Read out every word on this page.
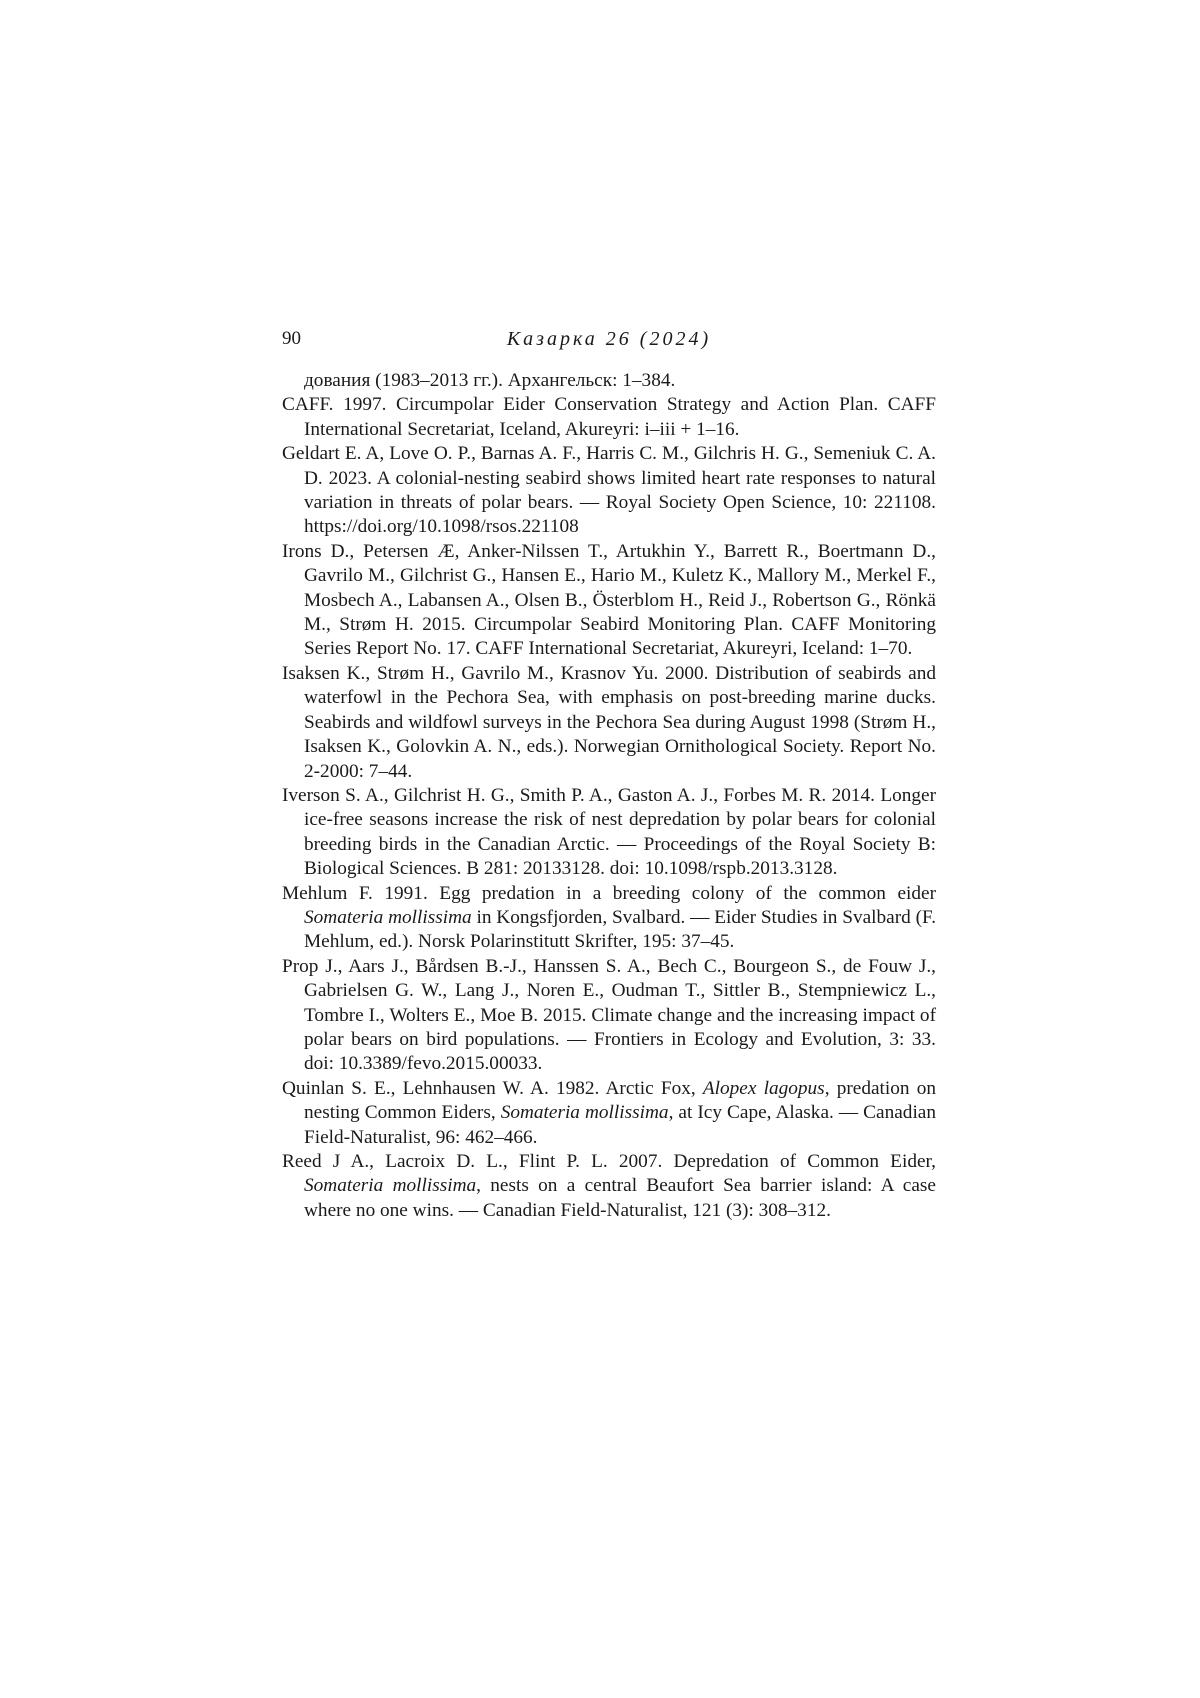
90	Казарка 26 (2024)

дования (1983–2013 гг.). Архангельск: 1–384.

CAFF. 1997. Circumpolar Eider Conservation Strategy and Action Plan. CAFF International Secretariat, Iceland, Akureyri: i–iii + 1–16.

Geldart E. A, Love O. P., Barnas A. F., Harris C. M., Gilchris H. G., Semeniuk C. A. D. 2023. A colonial-nesting seabird shows limited heart rate responses to natural variation in threats of polar bears. — Royal Society Open Science, 10: 221108. https://doi.org/10.1098/rsos.221108

Irons D., Petersen Æ, Anker-Nilssen T., Artukhin Y., Barrett R., Boertmann D., Gavrilo M., Gilchrist G., Hansen E., Hario M., Kuletz K., Mallory M., Merkel F., Mosbech A., Labansen A., Olsen B., Österblom H., Reid J., Robertson G., Rönkä M., Strøm H. 2015. Circumpolar Seabird Monitoring Plan. CAFF Monitoring Series Report No. 17. CAFF International Secretariat, Akureyri, Iceland: 1–70.

Isaksen K., Strøm H., Gavrilo M., Krasnov Yu. 2000. Distribution of seabirds and waterfowl in the Pechora Sea, with emphasis on post-breeding marine ducks. Seabirds and wildfowl surveys in the Pechora Sea during August 1998 (Strøm H., Isaksen K., Golovkin A. N., eds.). Norwegian Ornithological Society. Report No. 2-2000: 7–44.

Iverson S. A., Gilchrist H. G., Smith P. A., Gaston A. J., Forbes M. R. 2014. Longer ice-free seasons increase the risk of nest depredation by polar bears for colonial breeding birds in the Canadian Arctic. — Proceedings of the Royal Society B: Biological Sciences. B 281: 20133128. doi: 10.1098/rspb.2013.3128.

Mehlum F. 1991. Egg predation in a breeding colony of the common eider Somateria mollissima in Kongsfjorden, Svalbard. — Eider Studies in Svalbard (F. Mehlum, ed.). Norsk Polarinstitutt Skrifter, 195: 37–45.

Prop J., Aars J., Bårdsen B.-J., Hanssen S. A., Bech C., Bourgeon S., de Fouw J., Gabrielsen G. W., Lang J., Noren E., Oudman T., Sittler B., Stempniewicz L., Tombre I., Wolters E., Moe B. 2015. Climate change and the increasing impact of polar bears on bird populations. — Frontiers in Ecology and Evolution, 3: 33. doi: 10.3389/fevo.2015.00033.

Quinlan S. E., Lehnhausen W. A. 1982. Arctic Fox, Alopex lagopus, predation on nesting Common Eiders, Somateria mollissima, at Icy Cape, Alaska. — Canadian Field-Naturalist, 96: 462–466.

Reed J A., Lacroix D. L., Flint P. L. 2007. Depredation of Common Eider, Somateria mollissima, nests on a central Beaufort Sea barrier island: A case where no one wins. — Canadian Field-Naturalist, 121 (3): 308–312.
